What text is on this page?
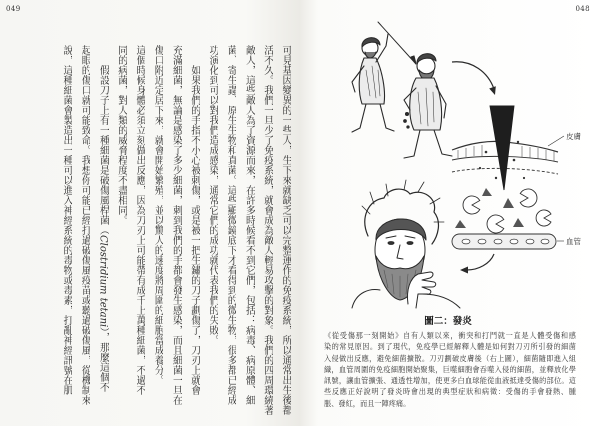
049
可見基因變異的一些人，生下來就缺乏可以完整運作的免疫系統，所以通常出生後都
活不久。我們一旦少了免疫系統，就會成為敵人輕易攻擊的對象。我們的四周環繞著
敵人，這些敵人為了資源而來，在許多時候看不到它們，包括：病毒、病原體、細
菌、寄生蟲、原生生物和真菌。這些顯微鏡底下才看得到的微生物，很多都已經成
功演化到可以對我們造成感染，通常它們的成功就代表我們的失敗。
如果我們的手指不小心被刺傷，或是被一把生鏽的刀子劃傷了，刀刃上就會
充滿細菌，無論是感染了多少細菌，刺到我們的手都會發生感染，而且細菌一旦在
傷口附近定居下來，就會開始繁殖，並以驚人的速度將周圍的細胞當成養分。
這個時候身體必須立刻做出反應，因為刀刃上可能帶有成千上萬種細菌，不過不
同的病菌，對人類的威脅程度不盡相同。
假設刀子上有一種細菌是破傷風桿菌（Clostridium tetani），那麼這個不
起眼的傷口就可能致命。我想你可能已經打過破傷風疫苗或聽過破傷風，從機制來
說，這種細菌會製造出一種可以進入神經系統的毒物或毒素，打亂神經訊號在肌
048
皮膚
血管
圖二：發炎
《從受傷那一刻開始》自有人類以來，衝突和打鬥就一直是人體受傷和感
染的常見原因。到了現代，免疫學已經解釋人體是如何對刀刃所引發的細菌
入侵做出反應，避免細菌擴散。刀刃劃破皮膚後（右上圖），細菌隨即進入組
織，血管周圍的免疫細胞開始聚集，巨噬細胞會吞噬入侵的細菌，並釋放化學
訊號，讓血管擴張、通透性增加，使更多白血球能從血液抵達受傷的部位。這
些反應正好說明了發炎時會出現的典型症狀和病徵：受傷的手會發熱、腫
脹、發紅，而且一陣疼痛。
